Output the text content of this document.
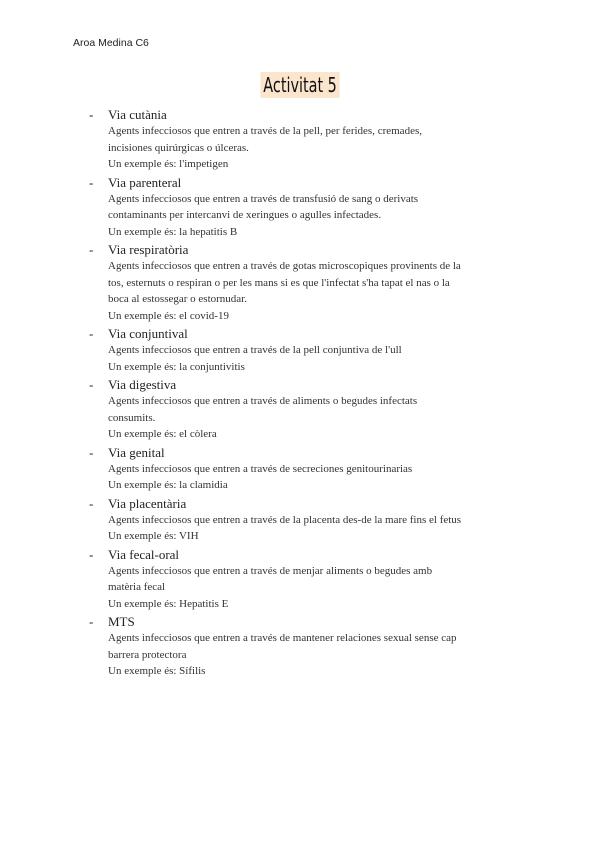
Aroa Medina C6
Activitat 5
- Via cutània
Agents infecciosos que entren a través de la pell, per ferides, cremades,
incisiones quirúrgicas o úlceras.
Un exemple és: l'impetigen
- Via parenteral
Agents infecciosos que entren a través de transfusió de sang o derivats
contaminants per intercanvi de xeringues o agulles infectades.
Un exemple és: la hepatitis B
- Via respiratòria
Agents infecciosos que entren a través de gotas microscopiques provinents de la
tos, esternuts o respiran o per les mans si es que l'infectat s'ha tapat el nas o la
boca al estossegar o estornudar.
Un exemple és: el covid-19
- Via conjuntival
Agents infecciosos que entren a través de la pell conjuntiva de l'ull
Un exemple és: la conjuntivitis
- Via digestiva
Agents infecciosos que entren a través de aliments o begudes infectats
consumits.
Un exemple és: el còlera
- Via genital
Agents infecciosos que entren a través de secreciones genitourinarias
Un exemple és: la clamidia
- Via placentària
Agents infecciosos que entren a través de la placenta des-de la mare fins el fetus
Un exemple és: VIH
- Via fecal-oral
Agents infecciosos que entren a través de menjar aliments o begudes amb
matèria fecal
Un exemple és: Hepatitis E
- MTS
Agents infecciosos que entren a través de mantener relaciones sexual sense cap
barrera protectora
Un exemple és: Sífilis
